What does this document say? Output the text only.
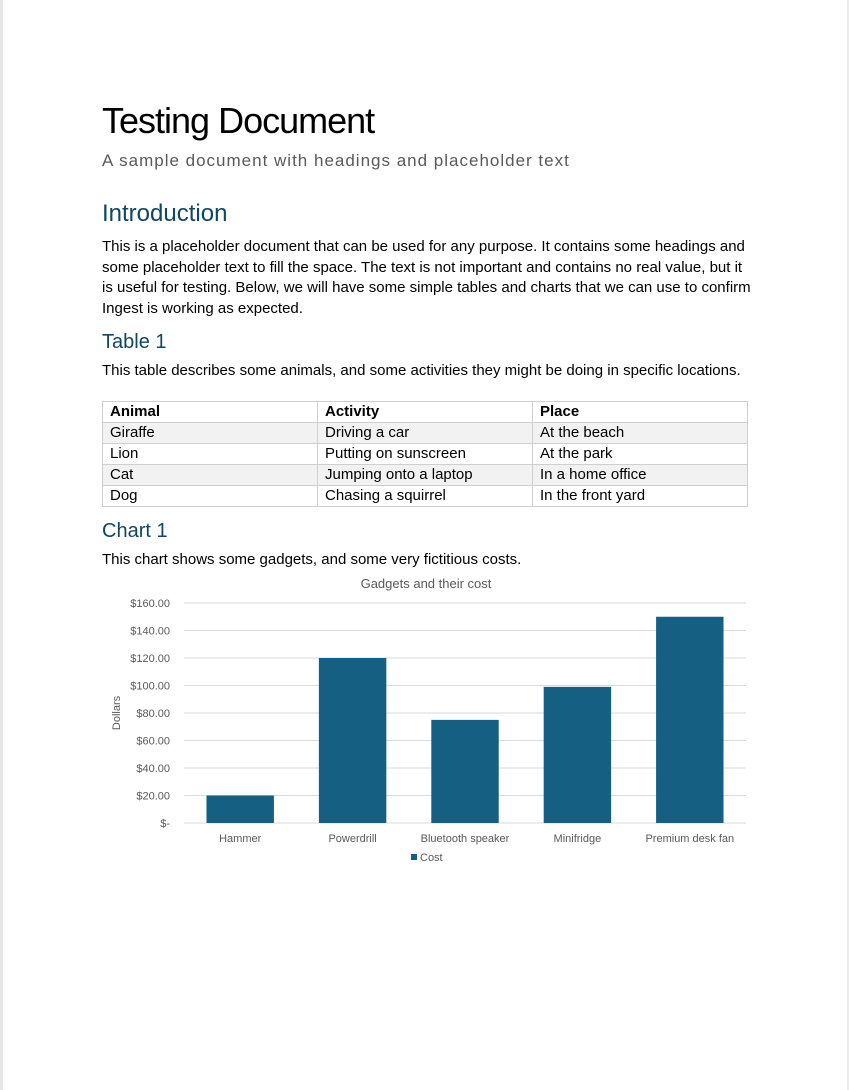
Testing Document
A sample document with headings and placeholder text
Introduction
This is a placeholder document that can be used for any purpose. It contains some headings and some placeholder text to fill the space. The text is not important and contains no real value, but it is useful for testing. Below, we will have some simple tables and charts that we can use to confirm Ingest is working as expected.
Table 1
This table describes some animals, and some activities they might be doing in specific locations.
Animal	Activity	Place
Giraffe	Driving a car	At the beach
Lion	Putting on sunscreen	At the park
Cat	Jumping onto a laptop	In a home office
Dog	Chasing a squirrel	In the front yard
Chart 1
This chart shows some gadgets, and some very fictitious costs.
Gadgets and their cost
$-
$20.00
$40.00
$60.00
$80.00
$100.00
$120.00
$140.00
$160.00
Dollars
Hammer	Powerdrill	Bluetooth speaker	Minifridge	Premium desk fan
Cost
